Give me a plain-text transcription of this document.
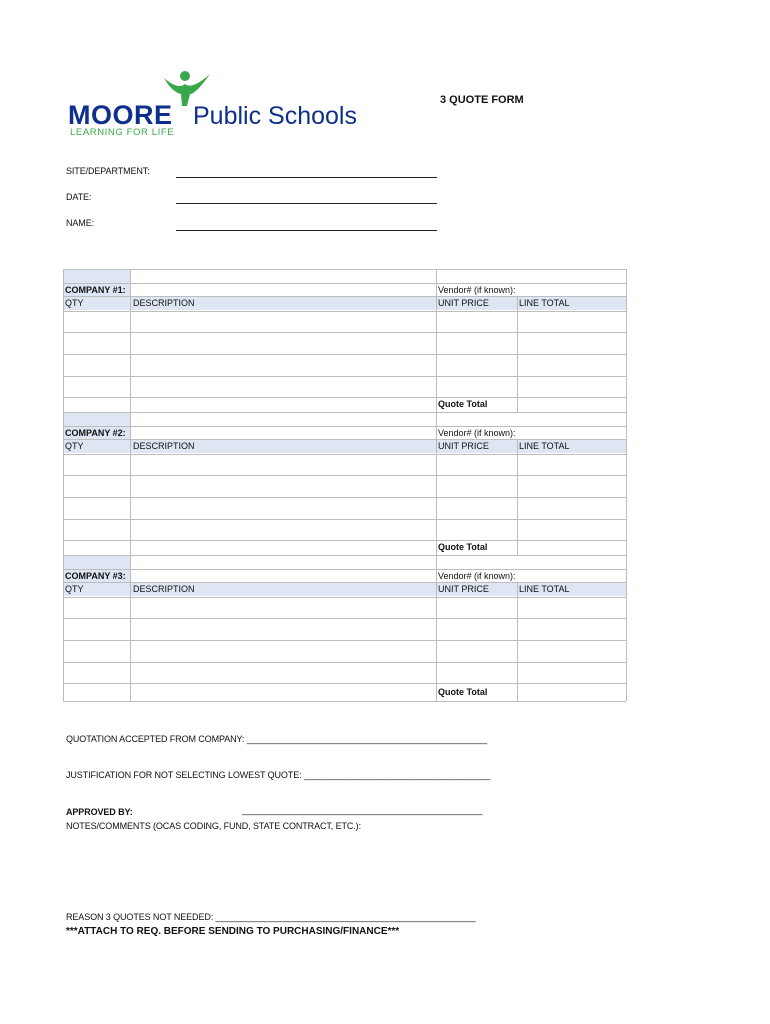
MOORE Public Schools
LEARNING FOR LIFE
3 QUOTE FORM
SITE/DEPARTMENT:
DATE:
NAME:
COMPANY #1:	Vendor# (if known):
QTY	DESCRIPTION	UNIT PRICE	LINE TOTAL
Quote Total
COMPANY #2:	Vendor# (if known):
QTY	DESCRIPTION	UNIT PRICE	LINE TOTAL
Quote Total
COMPANY #3:	Vendor# (if known):
QTY	DESCRIPTION	UNIT PRICE	LINE TOTAL
Quote Total
QUOTATION ACCEPTED FROM COMPANY: _________________________________________________
JUSTIFICATION FOR NOT SELECTING LOWEST QUOTE: ______________________________________
APPROVED BY:	_________________________________________________
NOTES/COMMENTS (OCAS CODING, FUND, STATE CONTRACT, ETC.):
REASON 3 QUOTES NOT NEEDED: _____________________________________________________
***ATTACH TO REQ. BEFORE SENDING TO PURCHASING/FINANCE***
